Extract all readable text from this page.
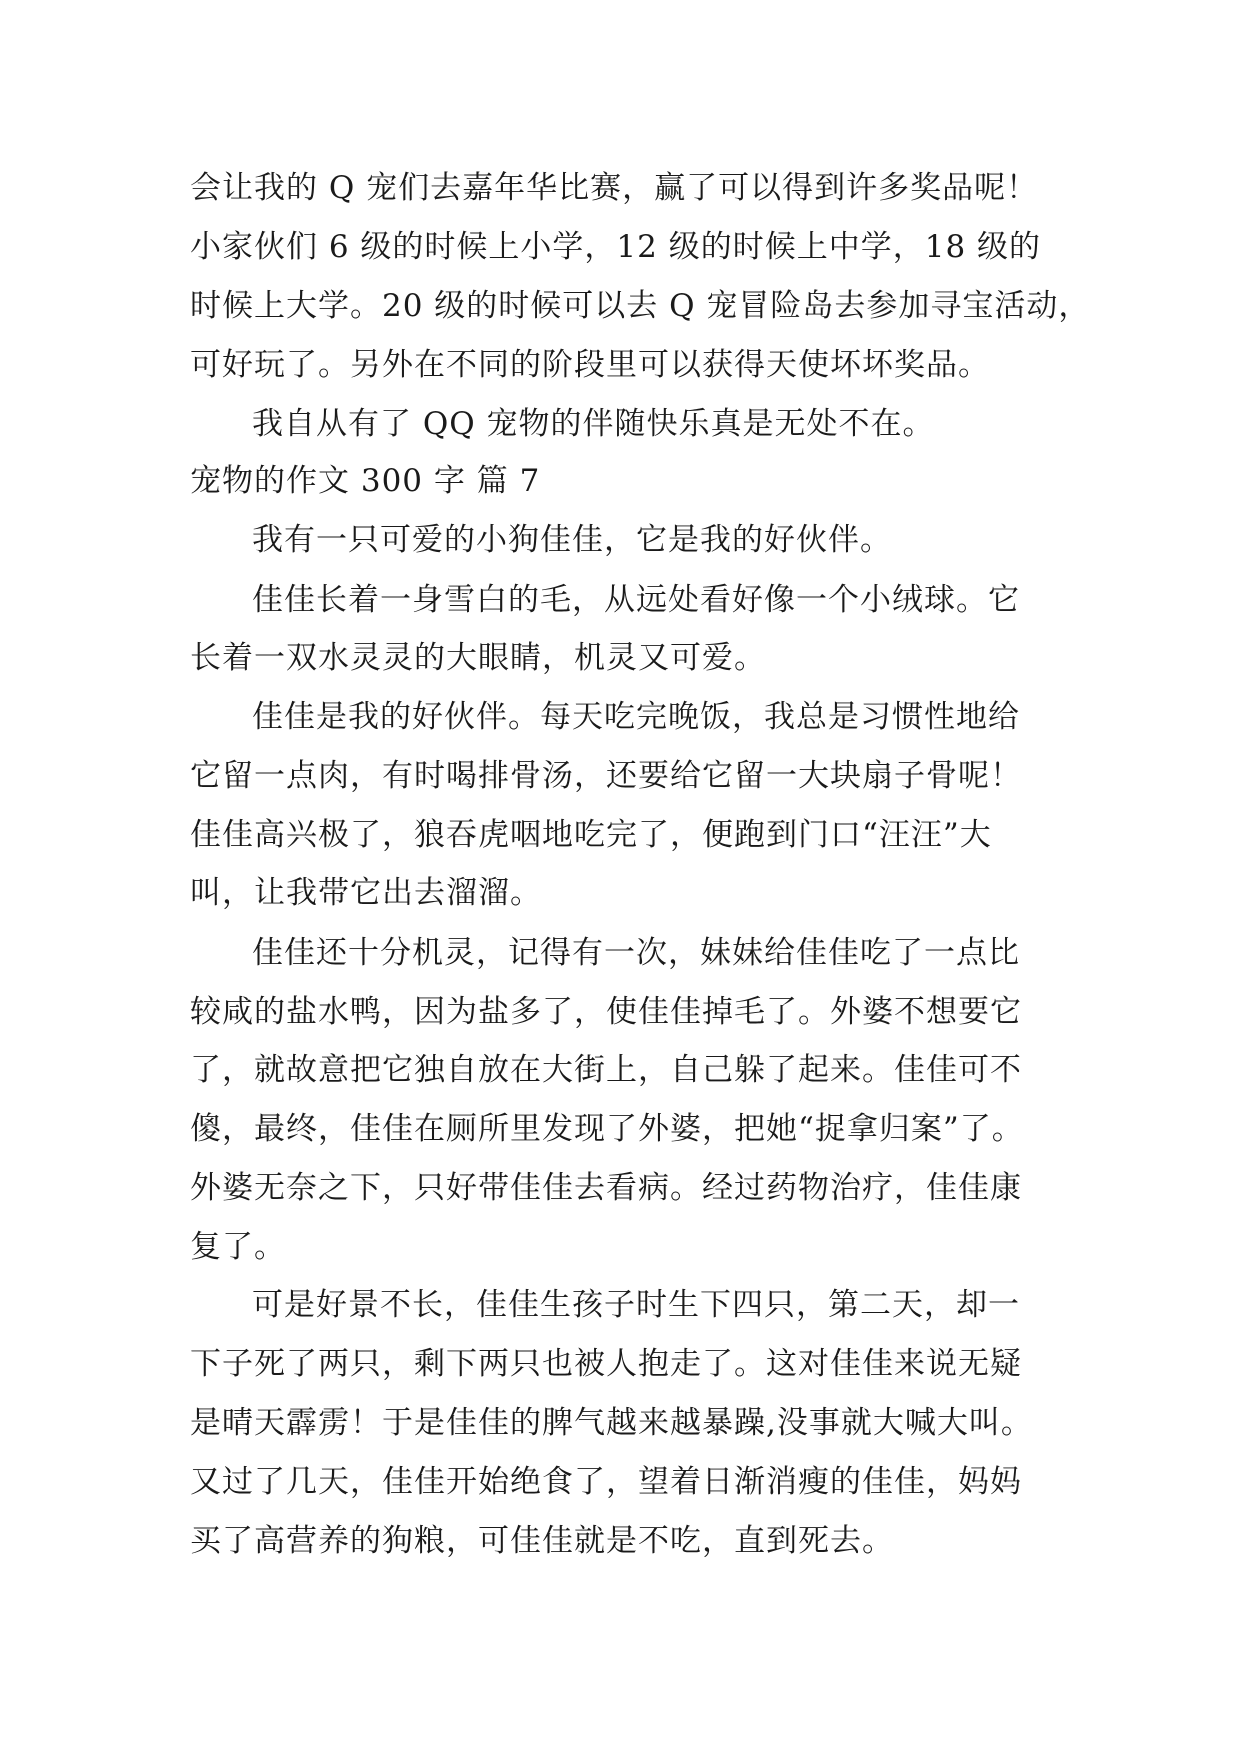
会让我的 Q 宠们去嘉年华比赛，赢了可以得到许多奖品呢！
小家伙们 6 级的时候上小学，12 级的时候上中学，18 级的
时候上大学。20 级的时候可以去 Q 宠冒险岛去参加寻宝活动，
可好玩了。另外在不同的阶段里可以获得天使坏坏奖品。
我自从有了 QQ 宠物的伴随快乐真是无处不在。
宠物的作文 300 字 篇 7
我有一只可爱的小狗佳佳，它是我的好伙伴。
佳佳长着一身雪白的毛，从远处看好像一个小绒球。它
长着一双水灵灵的大眼睛，机灵又可爱。
佳佳是我的好伙伴。每天吃完晚饭，我总是习惯性地给
它留一点肉，有时喝排骨汤，还要给它留一大块扇子骨呢！
佳佳高兴极了，狼吞虎咽地吃完了，便跑到门口“汪汪”大
叫，让我带它出去溜溜。
佳佳还十分机灵，记得有一次，妹妹给佳佳吃了一点比
较咸的盐水鸭，因为盐多了，使佳佳掉毛了。外婆不想要它
了，就故意把它独自放在大街上，自己躲了起来。佳佳可不
傻，最终，佳佳在厕所里发现了外婆，把她“捉拿归案”了。
外婆无奈之下，只好带佳佳去看病。经过药物治疗，佳佳康
复了。
可是好景不长，佳佳生孩子时生下四只，第二天，却一
下子死了两只，剩下两只也被人抱走了。这对佳佳来说无疑
是晴天霹雳！于是佳佳的脾气越来越暴躁,没事就大喊大叫。
又过了几天，佳佳开始绝食了，望着日渐消瘦的佳佳，妈妈
买了高营养的狗粮，可佳佳就是不吃，直到死去。
